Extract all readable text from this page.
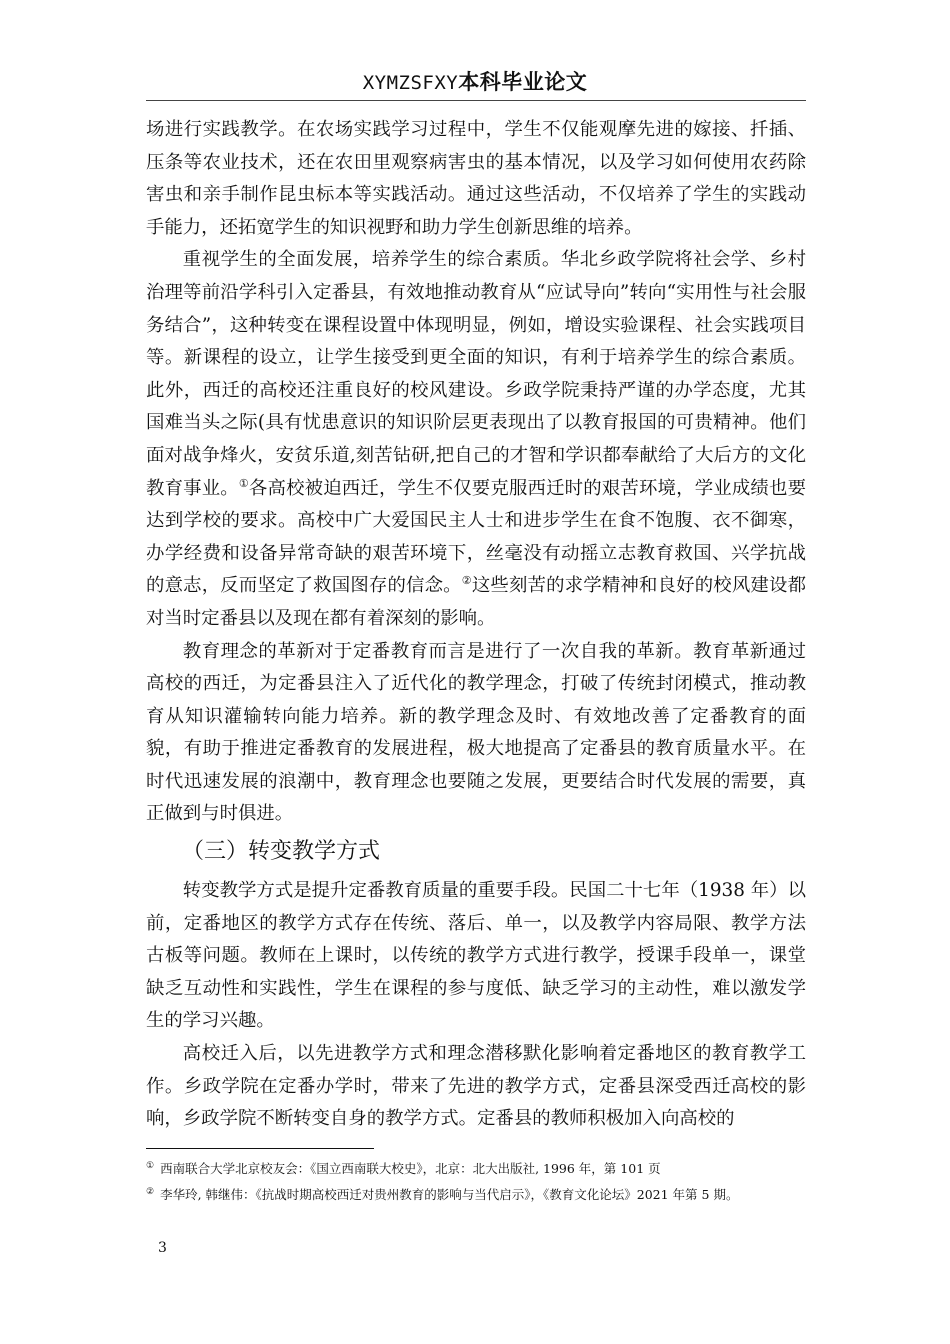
XYMZSFXY本科毕业论文

场进行实践教学。在农场实践学习过程中，学生不仅能观摩先进的嫁接、扦插、压条等农业技术，还在农田里观察病害虫的基本情况，以及学习如何使用农药除害虫和亲手制作昆虫标本等实践活动。通过这些活动，不仅培养了学生的实践动手能力，还拓宽学生的知识视野和助力学生创新思维的培养。

重视学生的全面发展，培养学生的综合素质。华北乡政学院将社会学、乡村治理等前沿学科引入定番县，有效地推动教育从“应试导向”转向“实用性与社会服务结合”，这种转变在课程设置中体现明显，例如，增设实验课程、社会实践项目等。新课程的设立，让学生接受到更全面的知识，有利于培养学生的综合素质。此外，西迁的高校还注重良好的校风建设。乡政学院秉持严谨的办学态度，尤其国难当头之际(具有忧患意识的知识阶层更表现出了以教育报国的可贵精神。他们面对战争烽火，安贫乐道,刻苦钻研,把自己的才智和学识都奉献给了大后方的文化教育事业。①各高校被迫西迁，学生不仅要克服西迁时的艰苦环境，学业成绩也要达到学校的要求。高校中广大爱国民主人士和进步学生在食不饱腹、衣不御寒，办学经费和设备异常奇缺的艰苦环境下，丝毫没有动摇立志教育救国、兴学抗战的意志，反而坚定了救国图存的信念。②这些刻苦的求学精神和良好的校风建设都对当时定番县以及现在都有着深刻的影响。

教育理念的革新对于定番教育而言是进行了一次自我的革新。教育革新通过高校的西迁，为定番县注入了近代化的教学理念，打破了传统封闭模式，推动教育从知识灌输转向能力培养。新的教学理念及时、有效地改善了定番教育的面貌，有助于推进定番教育的发展进程，极大地提高了定番县的教育质量水平。在时代迅速发展的浪潮中，教育理念也要随之发展，更要结合时代发展的需要，真正做到与时俱进。

（三）转变教学方式

转变教学方式是提升定番教育质量的重要手段。民国二十七年（1938 年）以前，定番地区的教学方式存在传统、落后、单一，以及教学内容局限、教学方法古板等问题。教师在上课时，以传统的教学方式进行教学，授课手段单一，课堂缺乏互动性和实践性，学生在课程的参与度低、缺乏学习的主动性，难以激发学生的学习兴趣。

高校迁入后，以先进教学方式和理念潜移默化影响着定番地区的教育教学工作。乡政学院在定番办学时，带来了先进的教学方式，定番县深受西迁高校的影响，乡政学院不断转变自身的教学方式。定番县的教师积极加入向高校的

① 西南联合大学北京校友会：《国立西南联大校史》，北京：北大出版社, 1996 年，第 101 页

② 李华玲, 韩继伟：《抗战时期高校西迁对贵州教育的影响与当代启示》，《教育文化论坛》2021 年第 5 期。

3
